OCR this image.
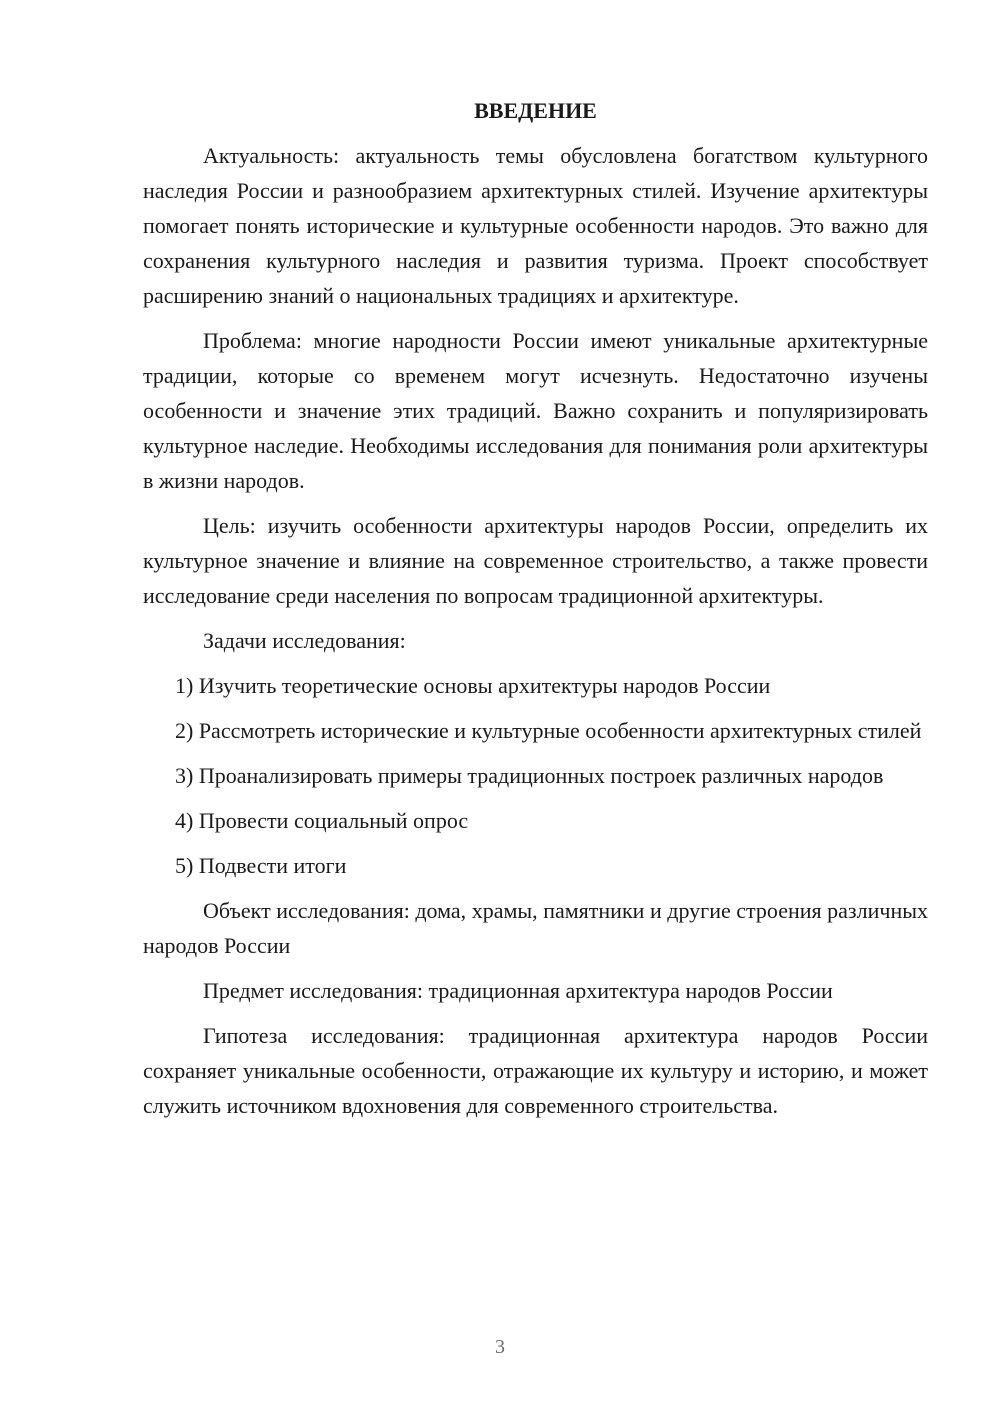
ВВЕДЕНИЕ

Актуальность: актуальность темы обусловлена богатством культурного наследия России и разнообразием архитектурных стилей. Изучение архитектуры помогает понять исторические и культурные особенности народов. Это важно для сохранения культурного наследия и развития туризма. Проект способствует расширению знаний о национальных традициях и архитектуре.

Проблема: многие народности России имеют уникальные архитектурные традиции, которые со временем могут исчезнуть. Недостаточно изучены особенности и значение этих традиций. Важно сохранить и популяризировать культурное наследие. Необходимы исследования для понимания роли архитектуры в жизни народов.

Цель: изучить особенности архитектуры народов России, определить их культурное значение и влияние на современное строительство, а также провести исследование среди населения по вопросам традиционной архитектуры.

Задачи исследования:

1) Изучить теоретические основы архитектуры народов России

2) Рассмотреть исторические и культурные особенности архитектурных стилей

3) Проанализировать примеры традиционных построек различных народов

4) Провести социальный опрос

5) Подвести итоги

Объект исследования: дома, храмы, памятники и другие строения различных народов России

Предмет исследования: традиционная архитектура народов России

Гипотеза исследования: традиционная архитектура народов России сохраняет уникальные особенности, отражающие их культуру и историю, и может служить источником вдохновения для современного строительства.

3
